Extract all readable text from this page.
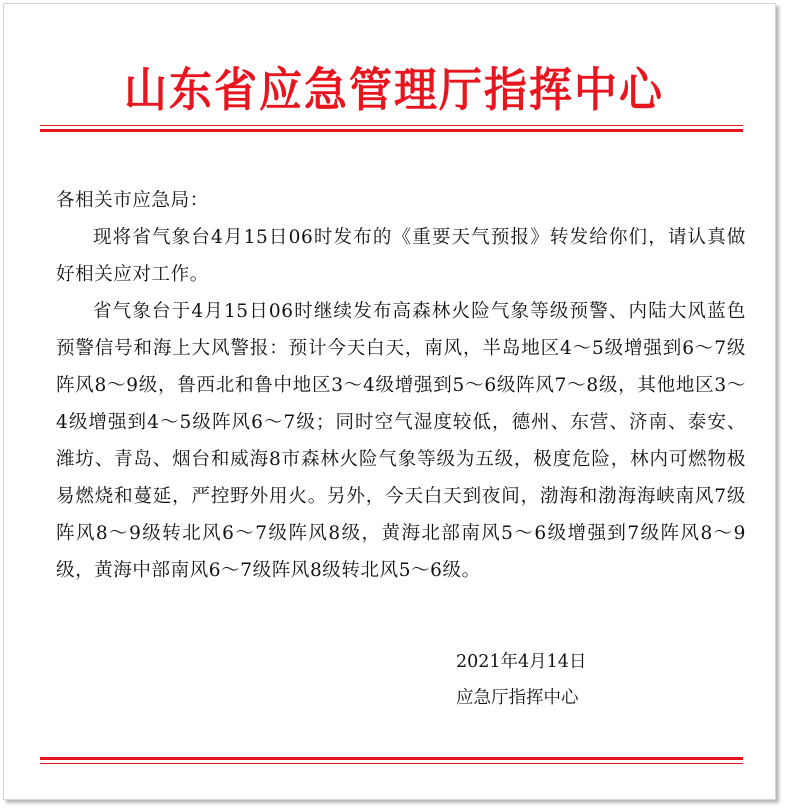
山东省应急管理厅指挥中心

各相关市应急局：

现将省气象台4月15日06时发布的《重要天气预报》转发给你们，请认真做好相关应对工作。

省气象台于4月15日06时继续发布高森林火险气象等级预警、内陆大风蓝色预警信号和海上大风警报：预计今天白天，南风，半岛地区4～5级增强到6～7级阵风8～9级，鲁西北和鲁中地区3～4级增强到5～6级阵风7～8级，其他地区3～4级增强到4～5级阵风6～7级；同时空气湿度较低，德州、东营、济南、泰安、潍坊、青岛、烟台和威海8市森林火险气象等级为五级，极度危险，林内可燃物极易燃烧和蔓延，严控野外用火。另外，今天白天到夜间，渤海和渤海海峡南风7级阵风8～9级转北风6～7级阵风8级，黄海北部南风5～6级增强到7级阵风8～9级，黄海中部南风6～7级阵风8级转北风5～6级。

2021年4月14日
应急厅指挥中心
